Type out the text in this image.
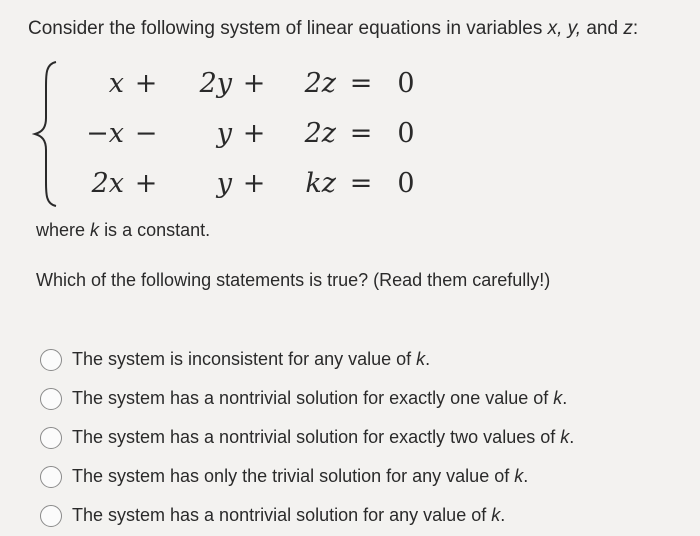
Consider the following system of linear equations in variables x, y, and z:
x +	2y +	2z = 0
−x −	y +	2z = 0
2x +	y +	kz = 0
where k is a constant.
Which of the following statements is true? (Read them carefully!)
The system is inconsistent for any value of k.
The system has a nontrivial solution for exactly one value of k.
The system has a nontrivial solution for exactly two values of k.
The system has only the trivial solution for any value of k.
The system has a nontrivial solution for any value of k.
